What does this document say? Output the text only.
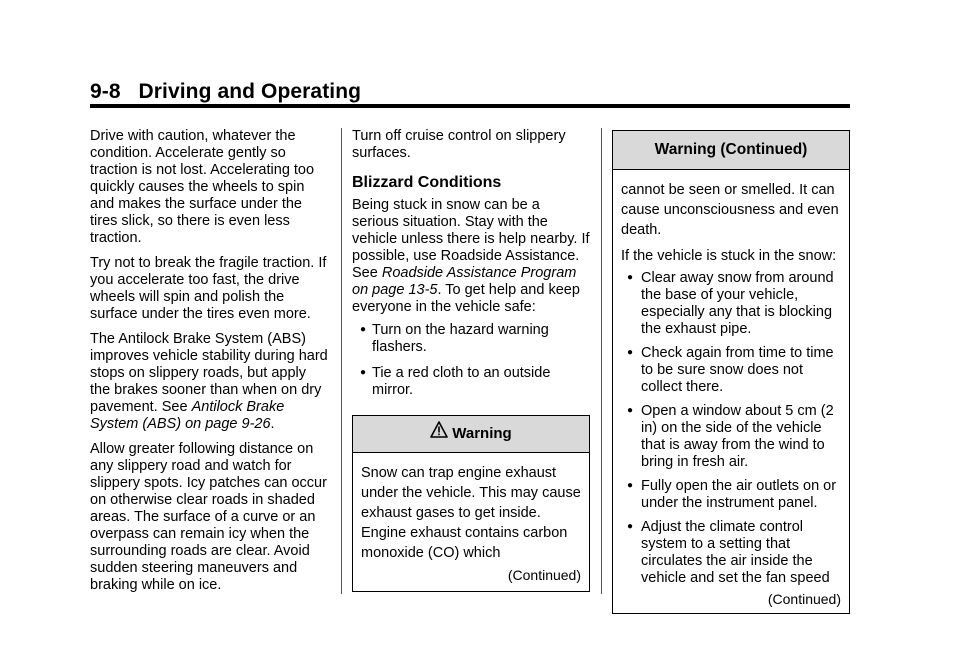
9-8 Driving and Operating

Drive with caution, whatever the condition. Accelerate gently so traction is not lost. Accelerating too quickly causes the wheels to spin and makes the surface under the tires slick, so there is even less traction.

Try not to break the fragile traction. If you accelerate too fast, the drive wheels will spin and polish the surface under the tires even more.

The Antilock Brake System (ABS) improves vehicle stability during hard stops on slippery roads, but apply the brakes sooner than when on dry pavement. See Antilock Brake System (ABS) on page 9-26.

Allow greater following distance on any slippery road and watch for slippery spots. Icy patches can occur on otherwise clear roads in shaded areas. The surface of a curve or an overpass can remain icy when the surrounding roads are clear. Avoid sudden steering maneuvers and braking while on ice.

Turn off cruise control on slippery surfaces.

Blizzard Conditions

Being stuck in snow can be a serious situation. Stay with the vehicle unless there is help nearby. If possible, use Roadside Assistance. See Roadside Assistance Program on page 13-5. To get help and keep everyone in the vehicle safe:

● Turn on the hazard warning flashers.
● Tie a red cloth to an outside mirror.
Warning

Snow can trap engine exhaust under the vehicle. This may cause exhaust gases to get inside. Engine exhaust contains carbon monoxide (CO) which

(Continued)
Warning (Continued)

cannot be seen or smelled. It can cause unconsciousness and even death.

If the vehicle is stuck in the snow:

● Clear away snow from around the base of your vehicle, especially any that is blocking the exhaust pipe.
● Check again from time to time to be sure snow does not collect there.
● Open a window about 5 cm (2 in) on the side of the vehicle that is away from the wind to bring in fresh air.
● Fully open the air outlets on or under the instrument panel.
● Adjust the climate control system to a setting that circulates the air inside the vehicle and set the fan speed
(Continued)
